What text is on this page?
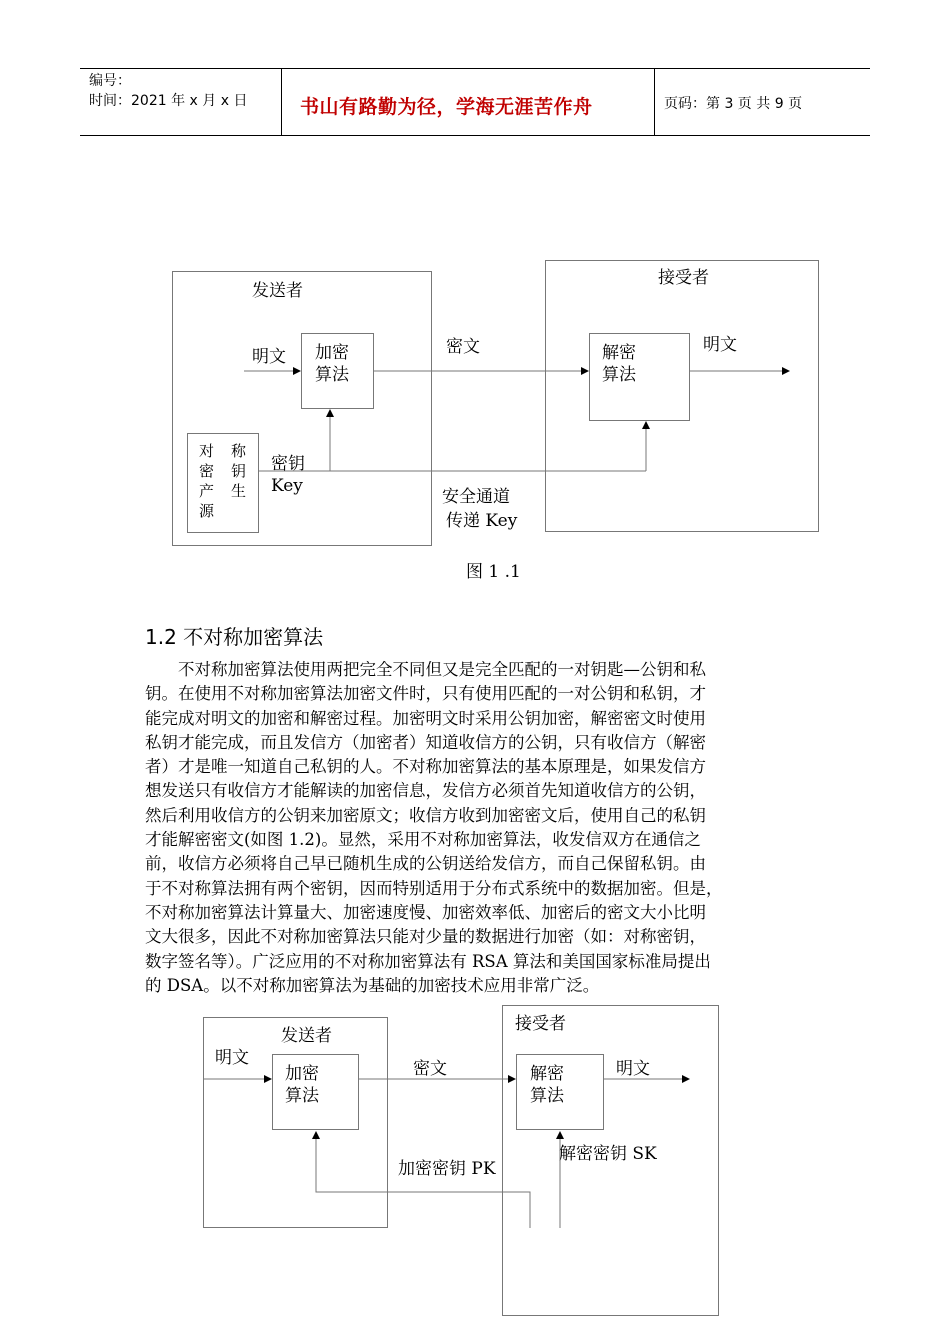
编号：
时间：2021 年 x 月 x 日	书山有路勤为径，学海无涯苦作舟	页码：第 3 页 共 9 页
发送者
接受者
明文 加密
算法
密文	解密
算法
明文
对
密
产
源
称
钥
生
密钥
Key
安全通道
传递 Key
图 1 .1
1.2 不对称加密算法
不对称加密算法使用两把完全不同但又是完全匹配的一对钥匙—公钥和私
钥。在使用不对称加密算法加密文件时，只有使用匹配的一对公钥和私钥，才
能完成对明文的加密和解密过程。加密明文时采用公钥加密，解密密文时使用
私钥才能完成，而且发信方（加密者）知道收信方的公钥，只有收信方（解密
者）才是唯一知道自己私钥的人。不对称加密算法的基本原理是，如果发信方
想发送只有收信方才能解读的加密信息，发信方必须首先知道收信方的公钥，
然后利用收信方的公钥来加密原文；收信方收到加密密文后，使用自己的私钥
才能解密密文(如图 1.2)。显然，采用不对称加密算法，收发信双方在通信之
前，收信方必须将自己早已随机生成的公钥送给发信方，而自己保留私钥。由
于不对称算法拥有两个密钥，因而特别适用于分布式系统中的数据加密。但是，
不对称加密算法计算量大、加密速度慢、加密效率低、加密后的密文大小比明
文大很多，因此不对称加密算法只能对少量的数据进行加密（如：对称密钥，
数字签名等）。广泛应用的不对称加密算法有 RSA 算法和美国国家标准局提出
的 DSA。以不对称加密算法为基础的加密技术应用非常广泛。
发送者
接受者
明文
加密
算法
密文	解密
算法
明文
加密密钥 PK
解密密钥 SK
